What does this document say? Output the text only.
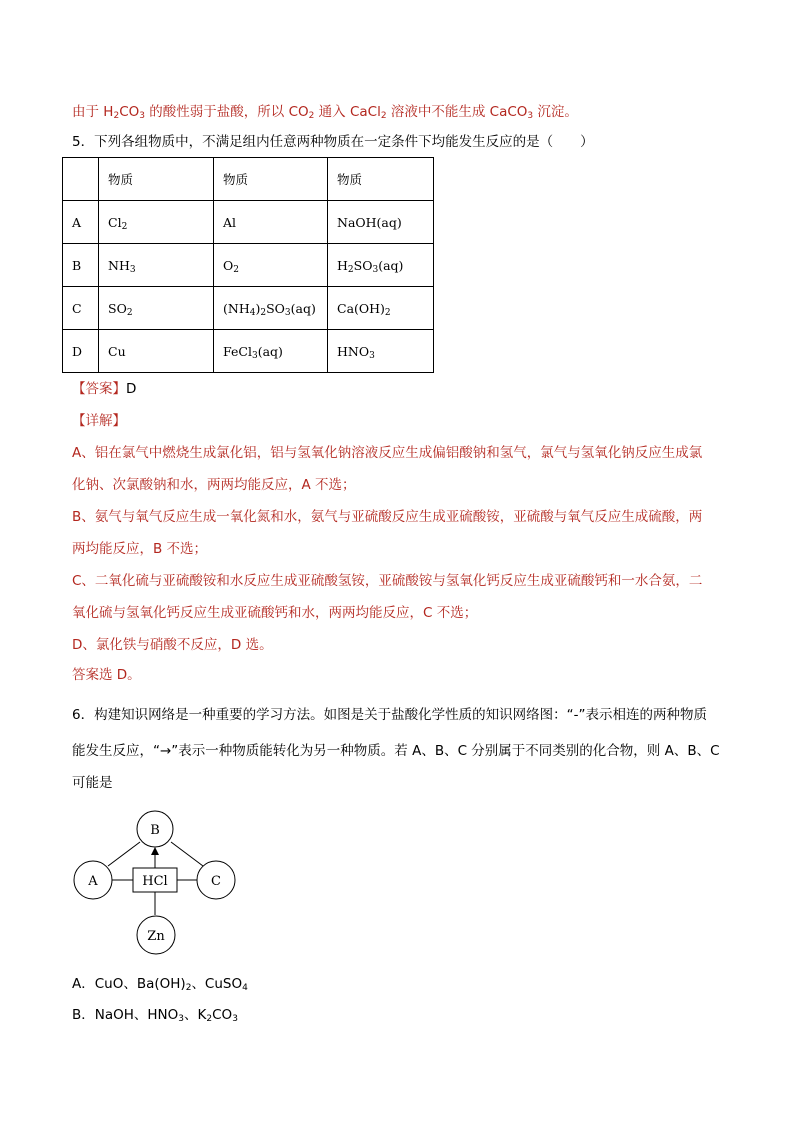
由于 $H_2CO_3$ 的酸性弱于盐酸，所以 $CO_2$ 通入 CaCl$_2$ 溶液中不能生成 CaCO$_3$ 沉淀。
5．下列各组物质中，不满足组内任意两种物质在一定条件下均能发生反应的是（　　）
	物质	物质	物质
A	$Cl_2$	Al	NaOH(aq)
B	$NH_3$	$O_2$	$H_2SO_3(aq)$
C	$SO_2$	$(NH_4)_2SO_3(aq)$	$Ca(OH)_2$
D	Cu	FeCl$_3$(aq)	$HNO_3$
【答案】D
【详解】
A、铝在氯气中燃烧生成氯化铝，铝与氢氧化钠溶液反应生成偏铝酸钠和氢气，氯气与氢氧化钠反应生成氯
化钠、次氯酸钠和水，两两均能反应，A 不选；
B、氨气与氧气反应生成一氧化氮和水，氨气与亚硫酸反应生成亚硫酸铵，亚硫酸与氧气反应生成硫酸，两
两均能反应，B 不选；
C、二氧化硫与亚硫酸铵和水反应生成亚硫酸氢铵，亚硫酸铵与氢氧化钙反应生成亚硫酸钙和一水合氨，二
氧化硫与氢氧化钙反应生成亚硫酸钙和水，两两均能反应，C 不选；
D、氯化铁与硝酸不反应，D 选。
答案选 D。
6．构建知识网络是一种重要的学习方法。如图是关于盐酸化学性质的知识网络图：“-”表示相连的两种物质
能发生反应，“→”表示一种物质能转化为另一种物质。若 A、B、C 分别属于不同类别的化合物，则 A、B、C
可能是
B
A	C
Zn
HCl
A．CuO、$Ba(OH)_2$、CuSO$_4$
B．NaOH、$HNO_3$、$K_2CO_3$
